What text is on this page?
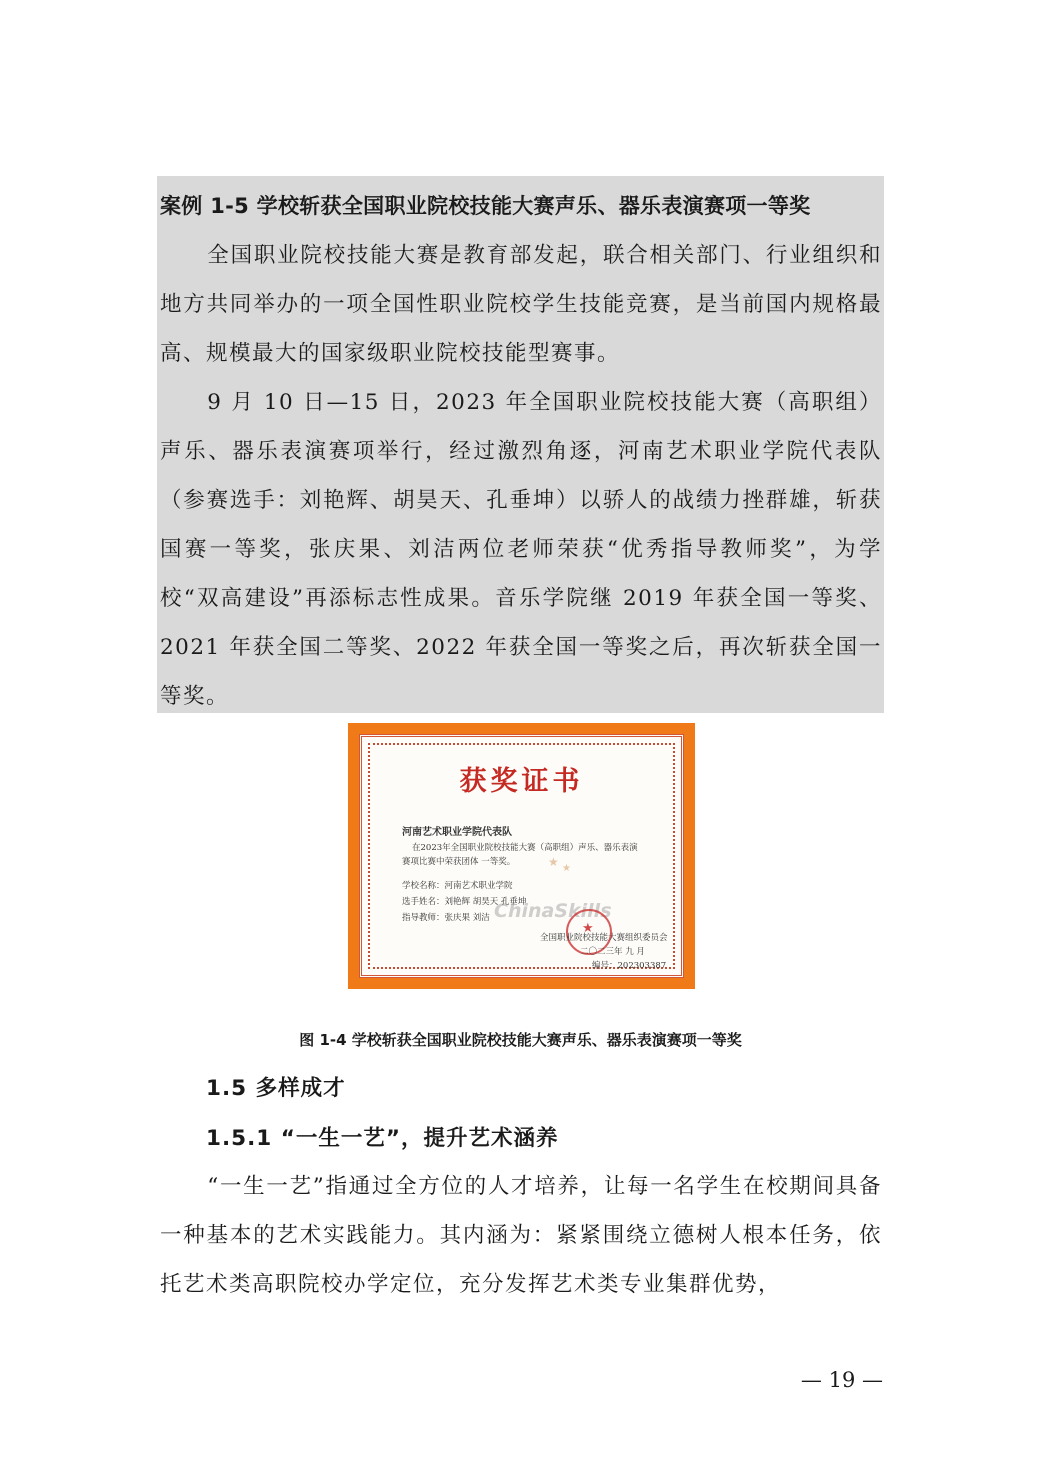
案例 1-5 学校斩获全国职业院校技能大赛声乐、器乐表演赛项一等奖

全国职业院校技能大赛是教育部发起，联合相关部门、行业组织和地方共同举办的一项全国性职业院校学生技能竞赛，是当前国内规格最高、规模最大的国家级职业院校技能型赛事。

9 月 10 日—15 日，2023 年全国职业院校技能大赛（高职组）声乐、器乐表演赛项举行，经过激烈角逐，河南艺术职业学院代表队（参赛选手：刘艳辉、胡昊天、孔垂坤）以骄人的战绩力挫群雄，斩获国赛一等奖，张庆果、刘洁两位老师荣获“优秀指导教师奖”，为学校“双高建设”再添标志性成果。音乐学院继 2019 年获全国一等奖、2021 年获全国二等奖、2022 年获全国一等奖之后，再次斩获全国一等奖。

获奖证书
河南艺术职业学院代表队
在2023年全国职业院校技能大赛（高职组）声乐、器乐表演
赛项比赛中荣获团体 一等奖。	★ ★
学校名称：河南艺术职业学院
选手姓名：刘艳辉 胡昊天 孔垂坤
指导教师：张庆果 刘洁 ChinaSkills
★
全国职业院校技能大赛组织委员会
二〇二三年 九 月
编号：202303387
图 1-4 学校斩获全国职业院校技能大赛声乐、器乐表演赛项一等奖
1.5 多样成才
1.5.1 “一生一艺”，提升艺术涵养

“一生一艺”指通过全方位的人才培养，让每一名学生在校期间具备一种基本的艺术实践能力。其内涵为：紧紧围绕立德树人根本任务，依托艺术类高职院校办学定位，充分发挥艺术类专业集群优势，

— 19 —
